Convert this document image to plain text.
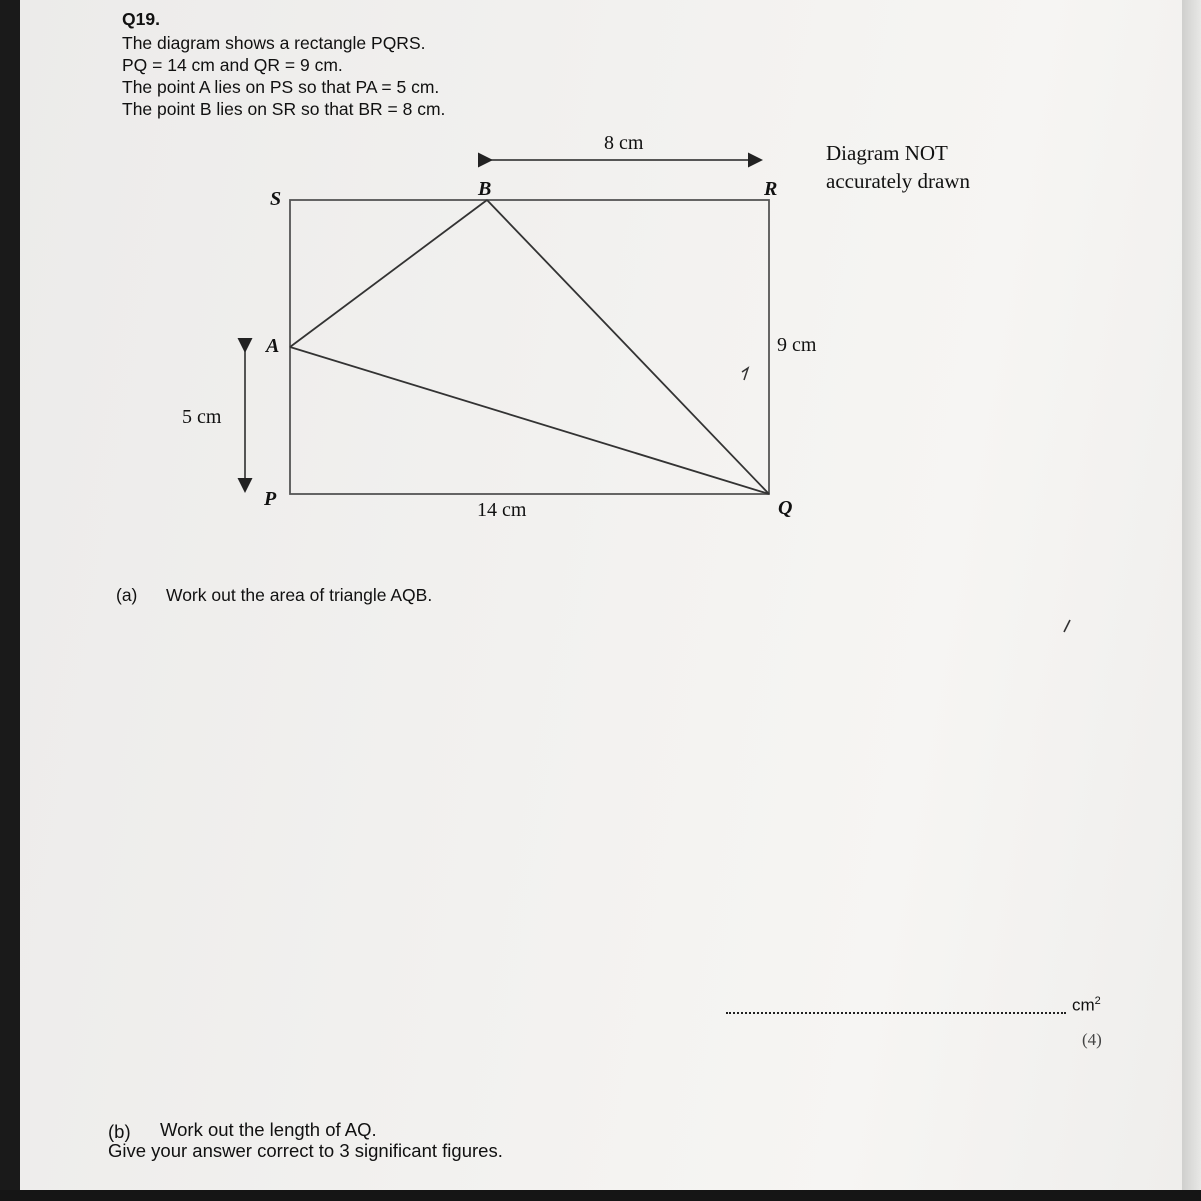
Q19.
The diagram shows a rectangle PQRS.
PQ = 14 cm and QR = 9 cm.
The point A lies on PS so that PA = 5 cm.
The point B lies on SR so that BR = 8 cm.
Diagram NOT
accurately drawn
S	B	R
A
P	Q
8 cm
9 cm
5 cm
14 cm
(a) Work out the area of triangle AQB.
$cm^2$
(4)
(b) Work out the length of AQ.
Give your answer correct to 3 significant figures.
